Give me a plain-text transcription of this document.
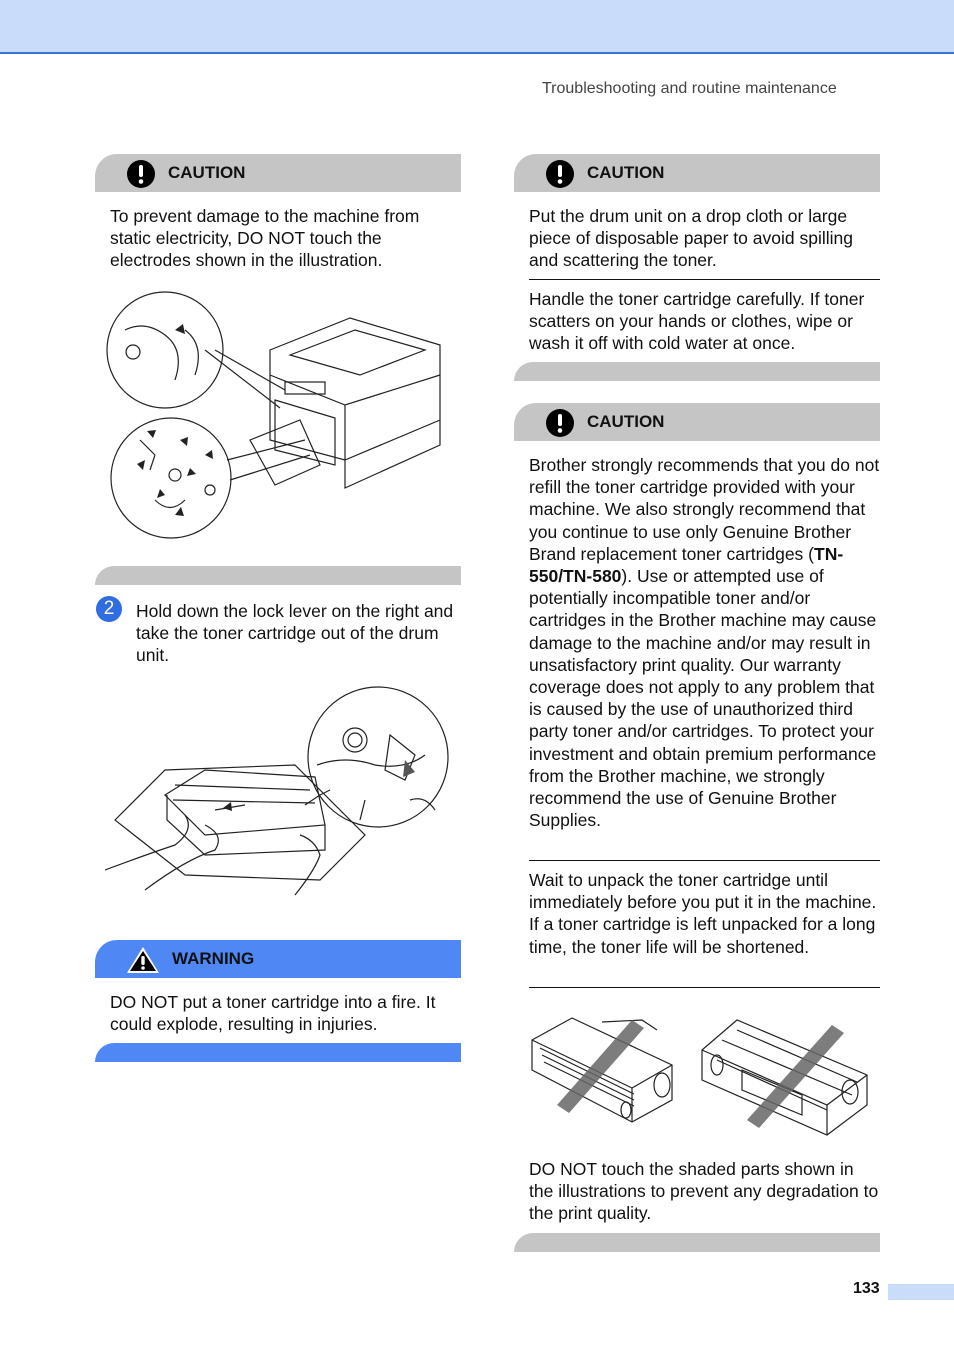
Troubleshooting and routine maintenance
CAUTION
To prevent damage to the machine from static electricity, DO NOT touch the electrodes shown in the illustration.
2	Hold down the lock lever on the right and take the toner cartridge out of the drum unit.
WARNING
DO NOT put a toner cartridge into a fire. It could explode, resulting in injuries.
CAUTION
Put the drum unit on a drop cloth or large piece of disposable paper to avoid spilling and scattering the toner.
Handle the toner cartridge carefully. If toner scatters on your hands or clothes, wipe or wash it off with cold water at once.
CAUTION
Brother strongly recommends that you do not refill the toner cartridge provided with your machine. We also strongly recommend that you continue to use only Genuine Brother Brand replacement toner cartridges (TN-550/TN-580). Use or attempted use of potentially incompatible toner and/or cartridges in the Brother machine may cause damage to the machine and/or may result in unsatisfactory print quality. Our warranty coverage does not apply to any problem that is caused by the use of unauthorized third party toner and/or cartridges. To protect your investment and obtain premium performance from the Brother machine, we strongly recommend the use of Genuine Brother Supplies.
Wait to unpack the toner cartridge until immediately before you put it in the machine. If a toner cartridge is left unpacked for a long time, the toner life will be shortened.
DO NOT touch the shaded parts shown in the illustrations to prevent any degradation to the print quality.
133
